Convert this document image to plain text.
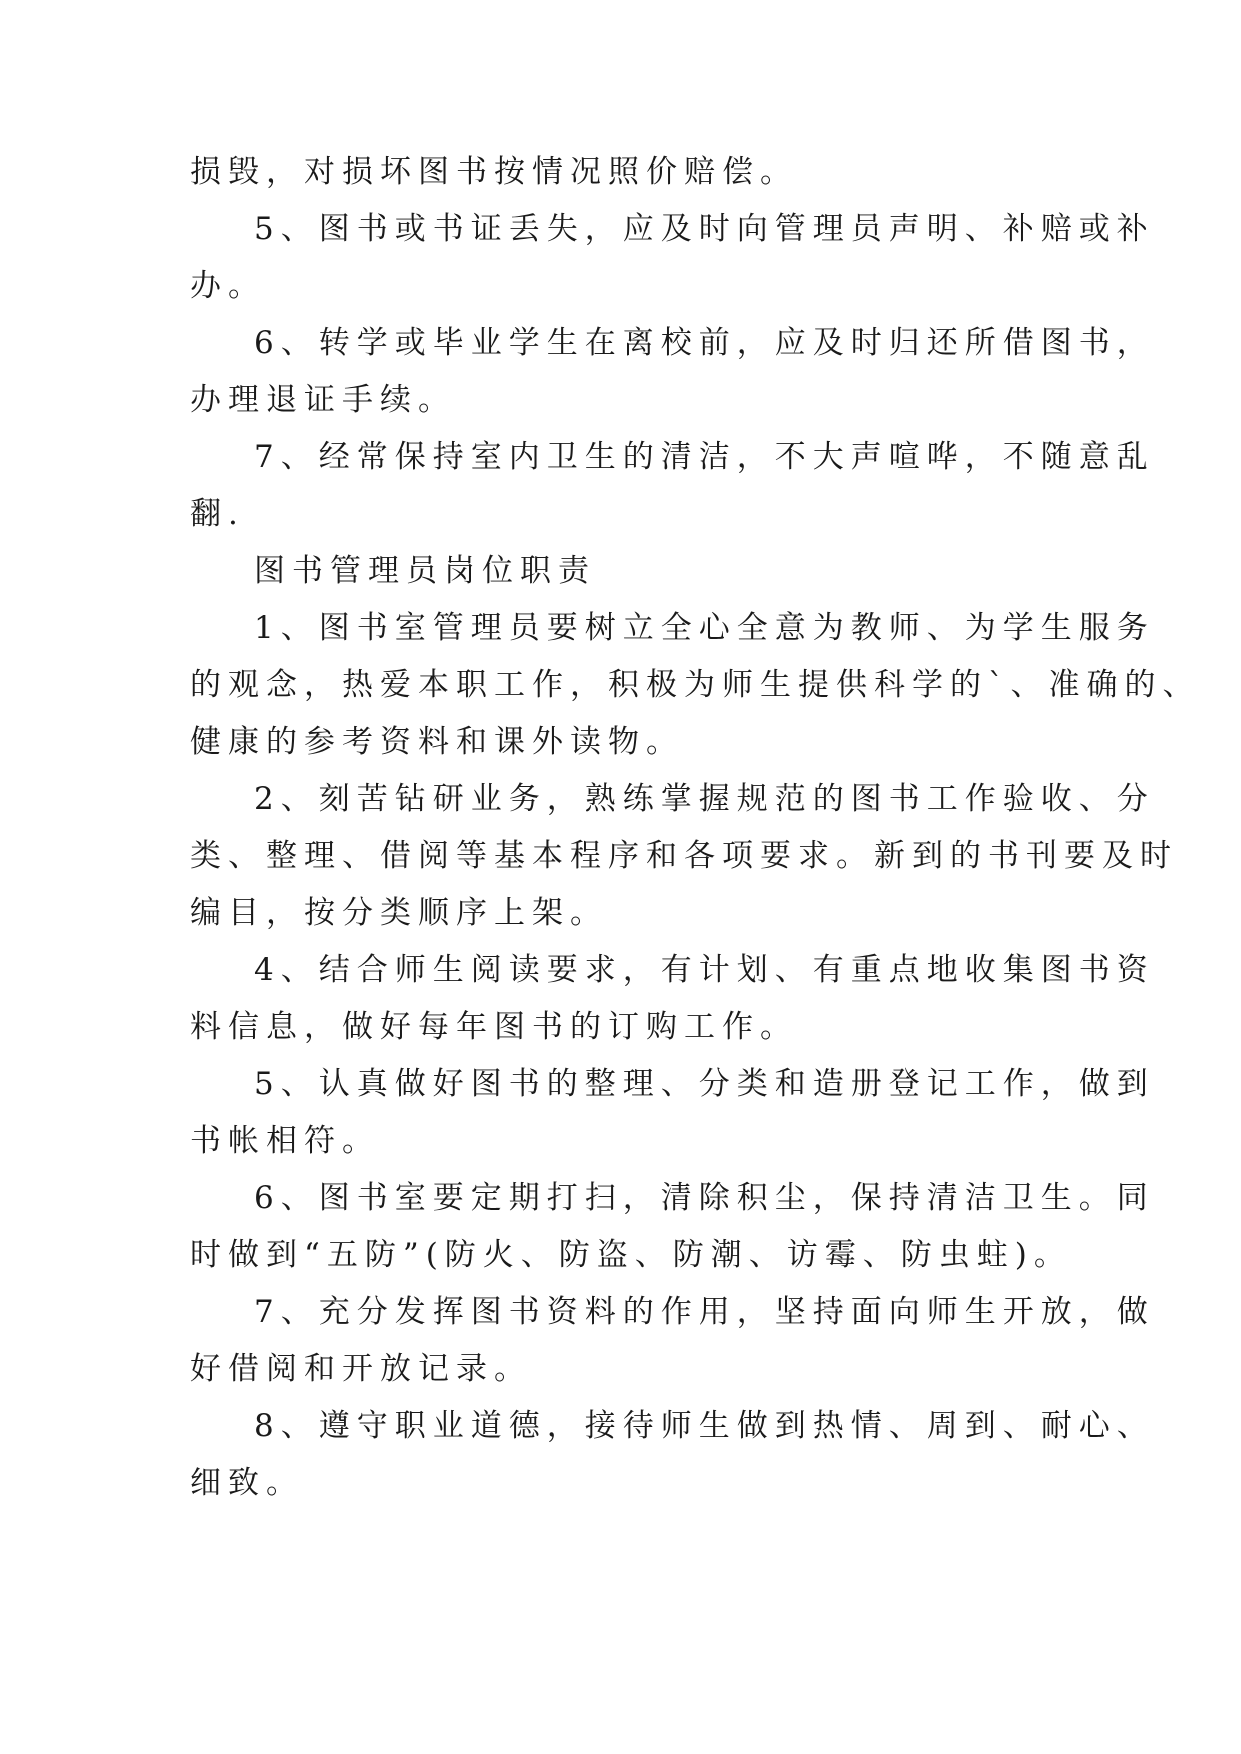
损毁，对损坏图书按情况照价赔偿。
5、图书或书证丢失，应及时向管理员声明、补赔或补
办。
6、转学或毕业学生在离校前，应及时归还所借图书，
办理退证手续。
7、经常保持室内卫生的清洁，不大声喧哗，不随意乱
翻.
图书管理员岗位职责
1、图书室管理员要树立全心全意为教师、为学生服务
的观念，热爱本职工作，积极为师生提供科学的`、准确的、
健康的参考资料和课外读物。
2、刻苦钻研业务，熟练掌握规范的图书工作验收、分
类、整理、借阅等基本程序和各项要求。新到的书刊要及时
编目，按分类顺序上架。
4、结合师生阅读要求，有计划、有重点地收集图书资
料信息，做好每年图书的订购工作。
5、认真做好图书的整理、分类和造册登记工作，做到
书帐相符。
6、图书室要定期打扫，清除积尘，保持清洁卫生。同
时做到“五防”(防火、防盗、防潮、访霉、防虫蛀)。
7、充分发挥图书资料的作用，坚持面向师生开放，做
好借阅和开放记录。
8、遵守职业道德，接待师生做到热情、周到、耐心、
细致。
